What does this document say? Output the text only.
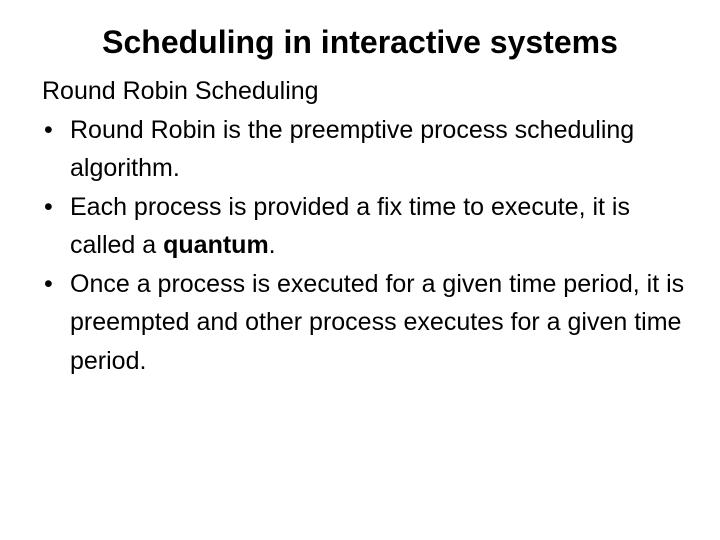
Scheduling in interactive systems

Round Robin Scheduling

• Round Robin is the preemptive process scheduling algorithm.
• Each process is provided a fix time to execute, it is called a quantum.
• Once a process is executed for a given time period, it is preempted and other process executes for a given time period.
